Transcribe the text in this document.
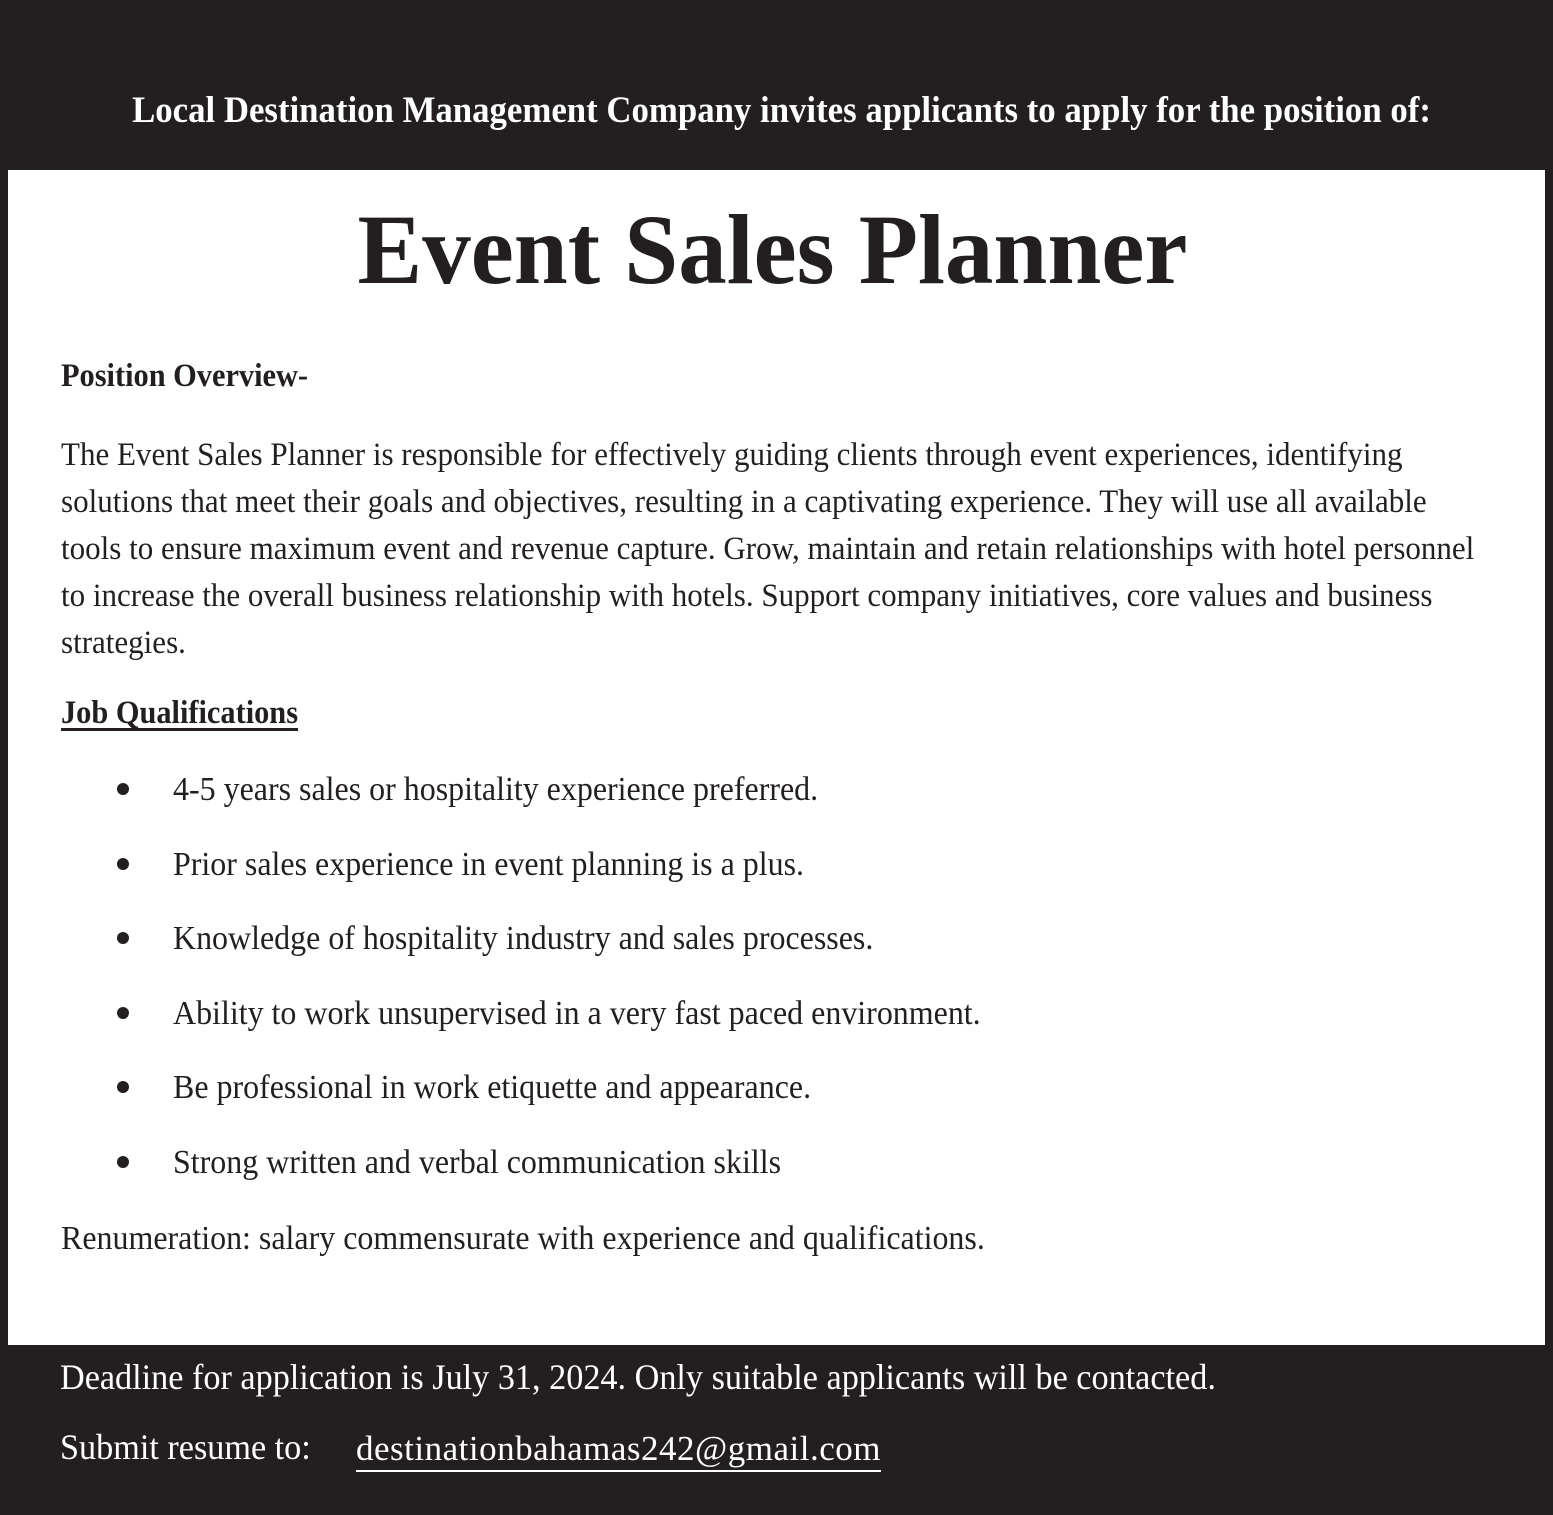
Local Destination Management Company invites applicants to apply for the position of:
Event Sales Planner
Position Overview-
The Event Sales Planner is responsible for effectively guiding clients through event experiences, identifying solutions that meet their goals and objectives, resulting in a captivating experience. They will use all available tools to ensure maximum event and revenue capture. Grow, maintain and retain relationships with hotel personnel to increase the overall business relationship with hotels. Support company initiatives, core values and business strategies.
Job Qualifications
4-5 years sales or hospitality experience preferred.
Prior sales experience in event planning is a plus.
Knowledge of hospitality industry and sales processes.
Ability to work unsupervised in a very fast paced environment.
Be professional in work etiquette and appearance.
Strong written and verbal communication skills
Renumeration: salary commensurate with experience and qualifications.
Deadline for application is July 31, 2024. Only suitable applicants will be contacted.
Submit resume to:	destinationbahamas242@gmail.com
